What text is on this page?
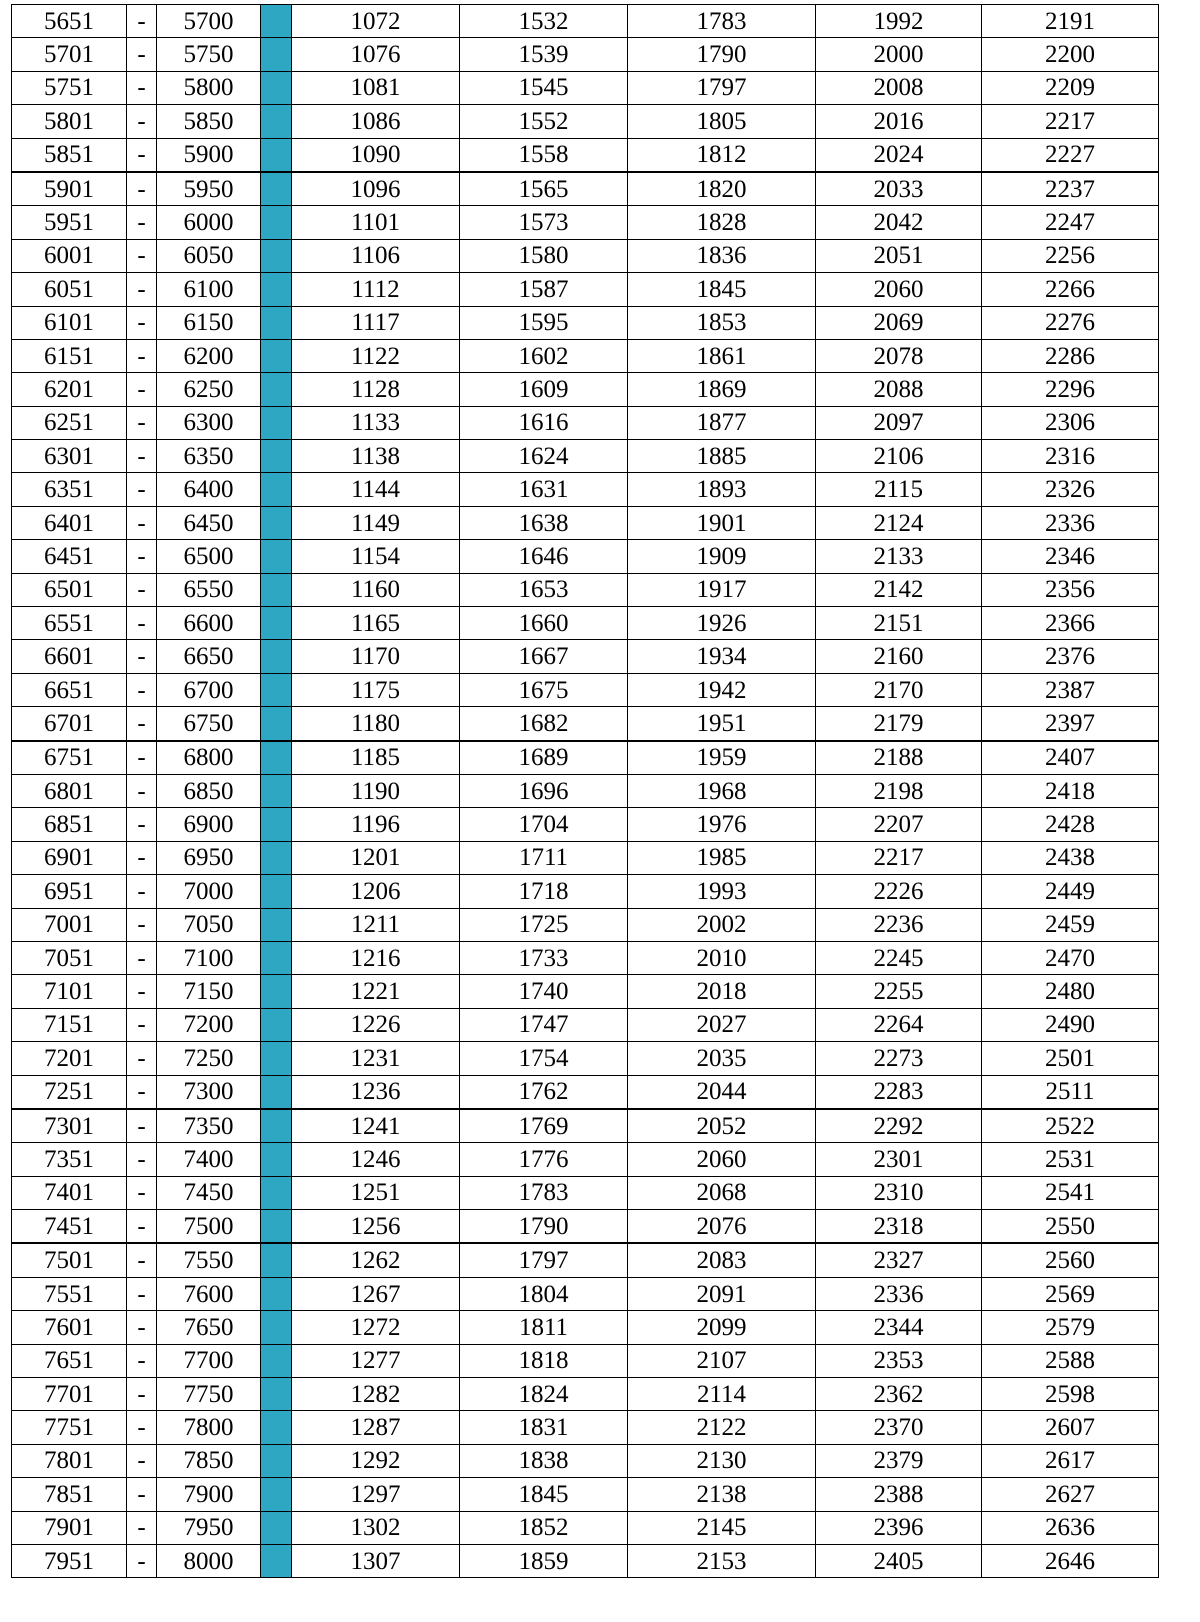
5651	-	5700		1072	1532	1783	1992	2191
5701	-	5750		1076	1539	1790	2000	2200
5751	-	5800		1081	1545	1797	2008	2209
5801	-	5850		1086	1552	1805	2016	2217
5851	-	5900		1090	1558	1812	2024	2227
5901	-	5950		1096	1565	1820	2033	2237
5951	-	6000		1101	1573	1828	2042	2247
6001	-	6050		1106	1580	1836	2051	2256
6051	-	6100		1112	1587	1845	2060	2266
6101	-	6150		1117	1595	1853	2069	2276
6151	-	6200		1122	1602	1861	2078	2286
6201	-	6250		1128	1609	1869	2088	2296
6251	-	6300		1133	1616	1877	2097	2306
6301	-	6350		1138	1624	1885	2106	2316
6351	-	6400		1144	1631	1893	2115	2326
6401	-	6450		1149	1638	1901	2124	2336
6451	-	6500		1154	1646	1909	2133	2346
6501	-	6550		1160	1653	1917	2142	2356
6551	-	6600		1165	1660	1926	2151	2366
6601	-	6650		1170	1667	1934	2160	2376
6651	-	6700		1175	1675	1942	2170	2387
6701	-	6750		1180	1682	1951	2179	2397
6751	-	6800		1185	1689	1959	2188	2407
6801	-	6850		1190	1696	1968	2198	2418
6851	-	6900		1196	1704	1976	2207	2428
6901	-	6950		1201	1711	1985	2217	2438
6951	-	7000		1206	1718	1993	2226	2449
7001	-	7050		1211	1725	2002	2236	2459
7051	-	7100		1216	1733	2010	2245	2470
7101	-	7150		1221	1740	2018	2255	2480
7151	-	7200		1226	1747	2027	2264	2490
7201	-	7250		1231	1754	2035	2273	2501
7251	-	7300		1236	1762	2044	2283	2511
7301	-	7350		1241	1769	2052	2292	2522
7351	-	7400		1246	1776	2060	2301	2531
7401	-	7450		1251	1783	2068	2310	2541
7451	-	7500		1256	1790	2076	2318	2550
7501	-	7550		1262	1797	2083	2327	2560
7551	-	7600		1267	1804	2091	2336	2569
7601	-	7650		1272	1811	2099	2344	2579
7651	-	7700		1277	1818	2107	2353	2588
7701	-	7750		1282	1824	2114	2362	2598
7751	-	7800		1287	1831	2122	2370	2607
7801	-	7850		1292	1838	2130	2379	2617
7851	-	7900		1297	1845	2138	2388	2627
7901	-	7950		1302	1852	2145	2396	2636
7951	-	8000		1307	1859	2153	2405	2646
